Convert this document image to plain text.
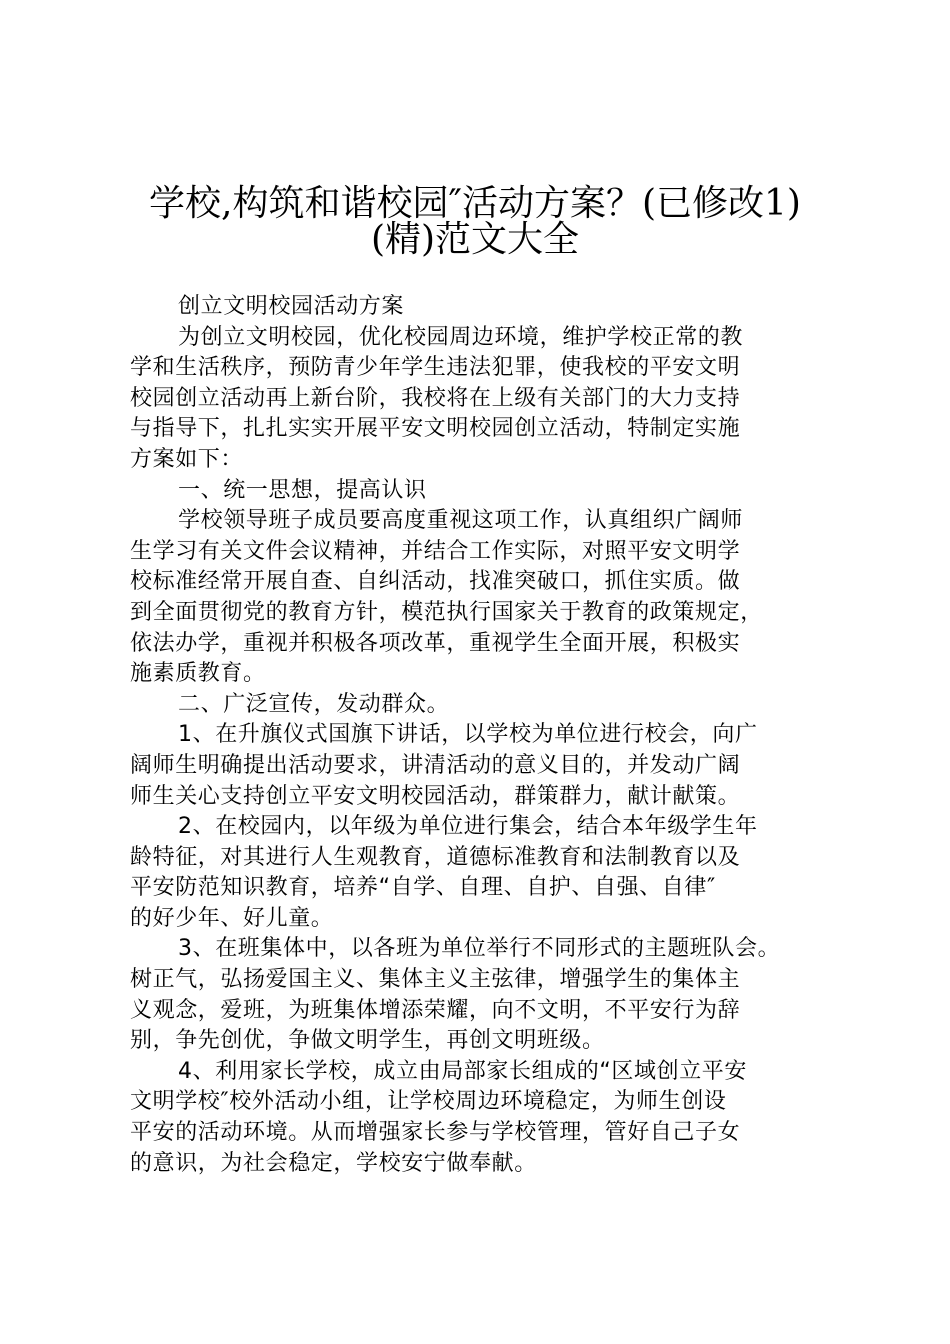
学校,构筑和谐校园″活动方案？(已修改1)
(精)范文大全

创立文明校园活动方案

为创立文明校园，优化校园周边环境，维护学校正常的教
学和生活秩序，预防青少年学生违法犯罪，使我校的平安文明
校园创立活动再上新台阶，我校将在上级有关部门的大力支持
与指导下，扎扎实实开展平安文明校园创立活动，特制定实施
方案如下：

一、统一思想，提高认识

学校领导班子成员要高度重视这项工作，认真组织广阔师
生学习有关文件会议精神，并结合工作实际，对照平安文明学
校标准经常开展自查、自纠活动，找准突破口，抓住实质。做
到全面贯彻党的教育方针，模范执行国家关于教育的政策规定，
依法办学，重视并积极各项改革，重视学生全面开展，积极实
施素质教育。

二、广泛宣传，发动群众。

1、在升旗仪式国旗下讲话，以学校为单位进行校会，向广
阔师生明确提出活动要求，讲清活动的意义目的，并发动广阔
师生关心支持创立平安文明校园活动，群策群力，献计献策。

2、在校园内，以年级为单位进行集会，结合本年级学生年
龄特征，对其进行人生观教育，道德标准教育和法制教育以及
平安防范知识教育，培养“自学、自理、自护、自强、自律″
的好少年、好儿童。

3、在班集体中，以各班为单位举行不同形式的主题班队会。
树正气，弘扬爱国主义、集体主义主弦律，增强学生的集体主
义观念，爱班，为班集体增添荣耀，向不文明，不平安行为辞
别，争先创优，争做文明学生，再创文明班级。

4、利用家长学校，成立由局部家长组成的“区域创立平安
文明学校″校外活动小组，让学校周边环境稳定，为师生创设
平安的活动环境。从而增强家长参与学校管理，管好自己子女
的意识，为社会稳定，学校安宁做奉献。
